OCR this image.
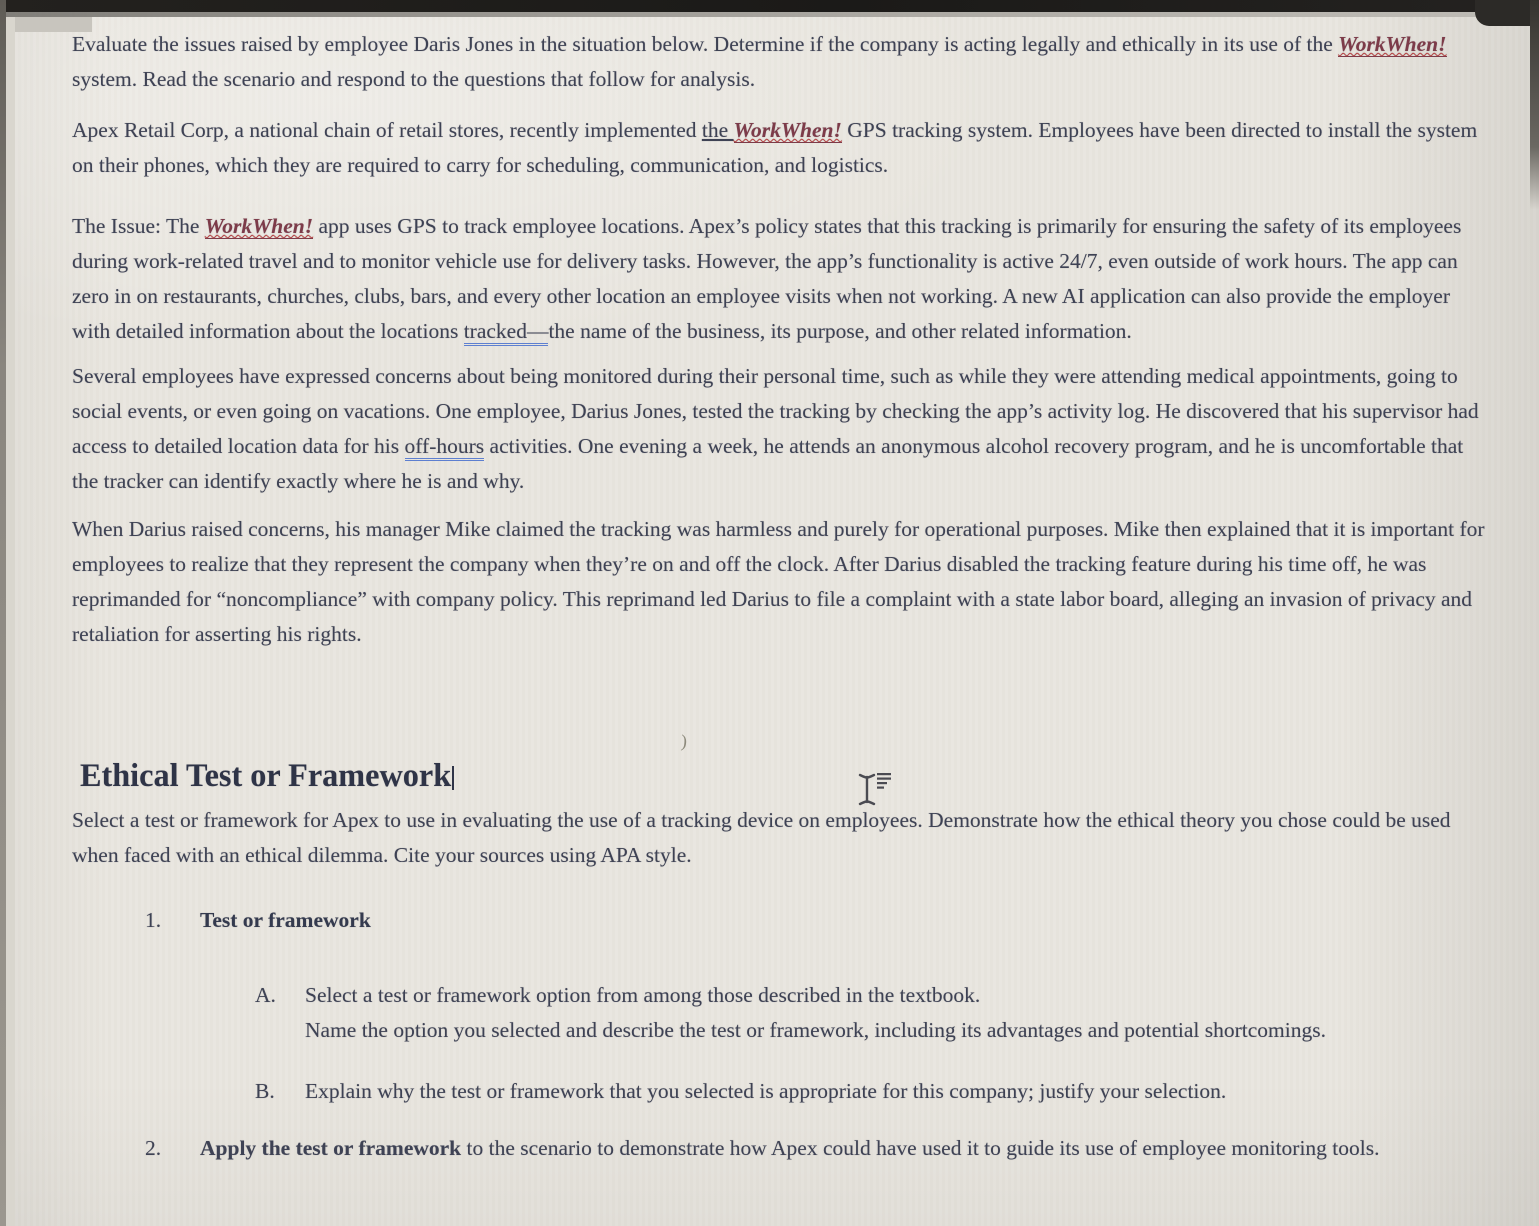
Evaluate the issues raised by employee Daris Jones in the situation below. Determine if the company is acting legally and ethically in its use of the WorkWhen! system. Read the scenario and respond to the questions that follow for analysis.

Apex Retail Corp, a national chain of retail stores, recently implemented the WorkWhen! GPS tracking system. Employees have been directed to install the system on their phones, which they are required to carry for scheduling, communication, and logistics.

The Issue: The WorkWhen! app uses GPS to track employee locations. Apex’s policy states that this tracking is primarily for ensuring the safety of its employees during work-related travel and to monitor vehicle use for delivery tasks. However, the app’s functionality is active 24/7, even outside of work hours. The app can zero in on restaurants, churches, clubs, bars, and every other location an employee visits when not working. A new AI application can also provide the employer with detailed information about the locations tracked—the name of the business, its purpose, and other related information.

Several employees have expressed concerns about being monitored during their personal time, such as while they were attending medical appointments, going to social events, or even going on vacations. One employee, Darius Jones, tested the tracking by checking the app’s activity log. He discovered that his supervisor had access to detailed location data for his off-hours activities. One evening a week, he attends an anonymous alcohol recovery program, and he is uncomfortable that the tracker can identify exactly where he is and why.

When Darius raised concerns, his manager Mike claimed the tracking was harmless and purely for operational purposes. Mike then explained that it is important for employees to realize that they represent the company when they’re on and off the clock. After Darius disabled the tracking feature during his time off, he was reprimanded for “noncompliance” with company policy. This reprimand led Darius to file a complaint with a state labor board, alleging an invasion of privacy and retaliation for asserting his rights.

Ethical Test or Framework

Select a test or framework for Apex to use in evaluating the use of a tracking device on employees. Demonstrate how the ethical theory you chose could be used when faced with an ethical dilemma. Cite your sources using APA style.

1.	Test or framework
A.	Select a test or framework option from among those described in the textbook.
Name the option you selected and describe the test or framework, including its advantages and potential shortcomings.
B.	Explain why the test or framework that you selected is appropriate for this company; justify your selection.
2.	Apply the test or framework to the scenario to demonstrate how Apex could have used it to guide its use of employee monitoring tools.
)
